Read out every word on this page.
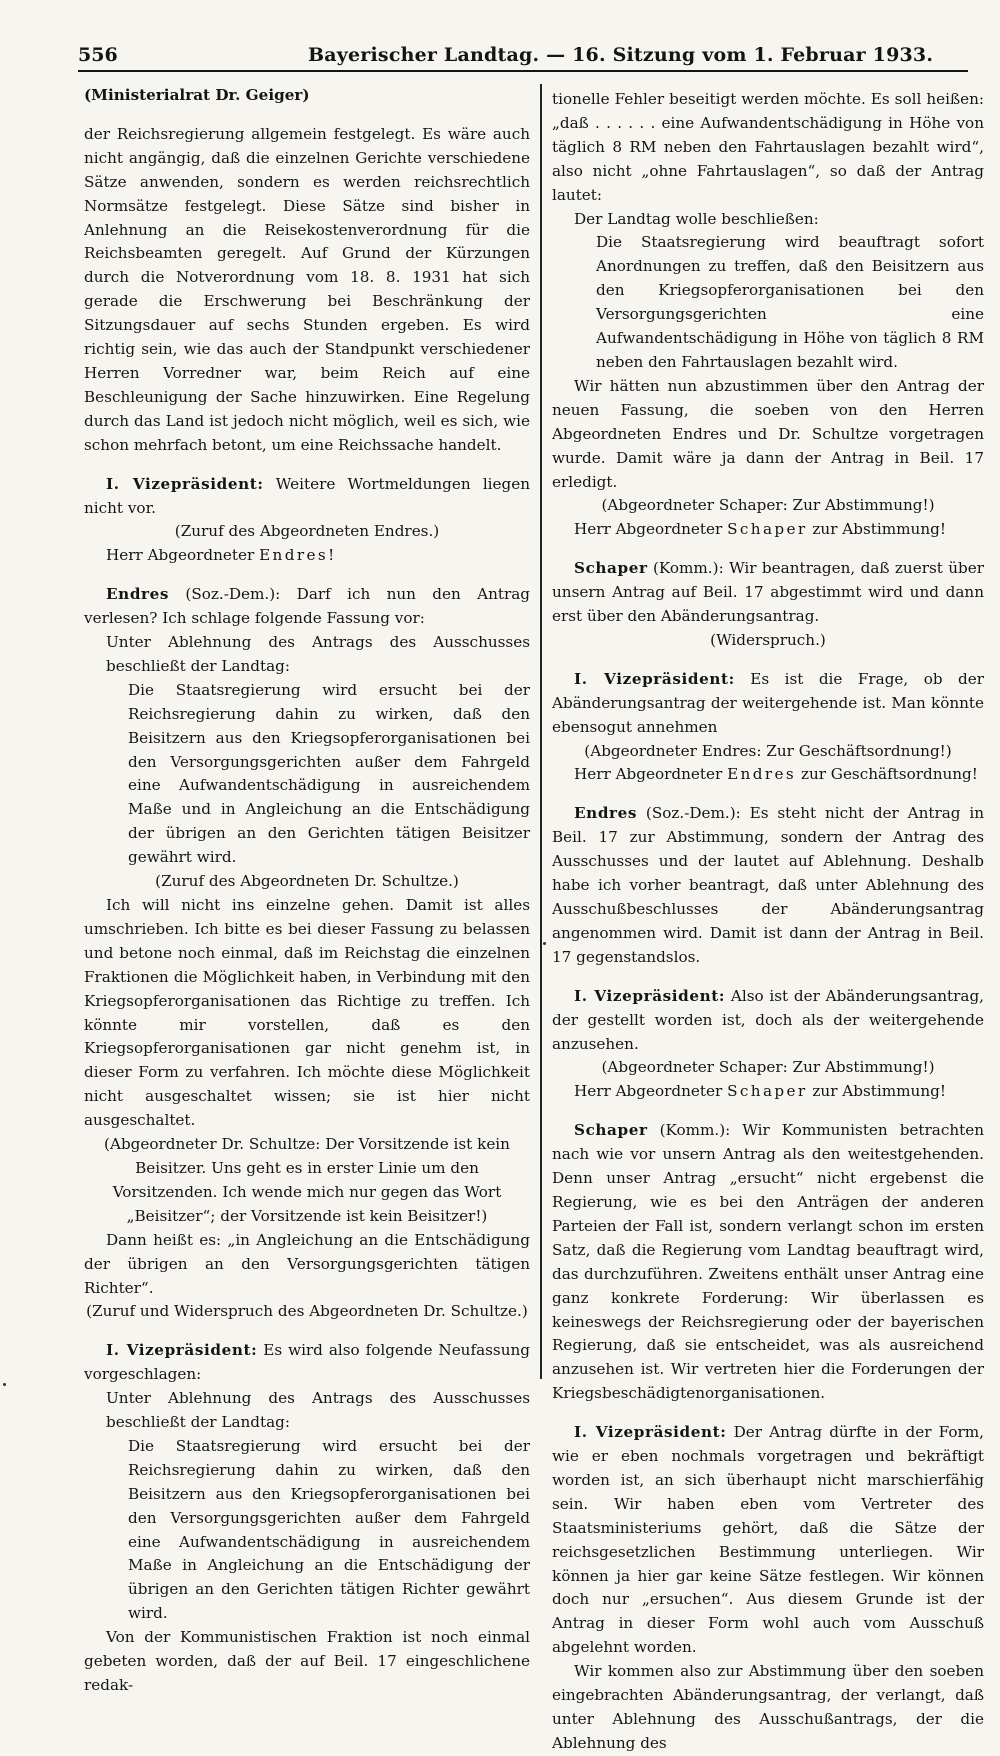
556	Bayerischer Landtag. — 16. Sitzung vom 1. Februar 1933.

(Ministerialrat Dr. Geiger)

der Reichsregierung allgemein festgelegt. Es wäre auch nicht angängig, daß die einzelnen Gerichte verschiedene Sätze anwenden, sondern es werden reichsrechtlich Normsätze festgelegt. Diese Sätze sind bisher in Anlehnung an die Reisekostenverordnung für die Reichsbeamten geregelt. Auf Grund der Kürzungen durch die Notverordnung vom 18. 8. 1931 hat sich gerade die Erschwerung bei Beschränkung der Sitzungsdauer auf sechs Stunden ergeben. Es wird richtig sein, wie das auch der Standpunkt verschiedener Herren Vorredner war, beim Reich auf eine Beschleunigung der Sache hinzuwirken. Eine Regelung durch das Land ist jedoch nicht möglich, weil es sich, wie schon mehrfach betont, um eine Reichssache handelt.

I. Vizepräsident: Weitere Wortmeldungen liegen nicht vor.

(Zuruf des Abgeordneten Endres.)

Herr Abgeordneter Endres!

Endres (Soz.-Dem.): Darf ich nun den Antrag verlesen? Ich schlage folgende Fassung vor:

Unter Ablehnung des Antrags des Ausschusses beschließt der Landtag:

Die Staatsregierung wird ersucht bei der Reichsregierung dahin zu wirken, daß den Beisitzern aus den Kriegsopferorganisationen bei den Versorgungsgerichten außer dem Fahrgeld eine Aufwandentschädigung in ausreichendem Maße und in Angleichung an die Entschädigung der übrigen an den Gerichten tätigen Beisitzer gewährt wird.

(Zuruf des Abgeordneten Dr. Schultze.)

Ich will nicht ins einzelne gehen. Damit ist alles umschrieben. Ich bitte es bei dieser Fassung zu belassen und betone noch einmal, daß im Reichstag die einzelnen Fraktionen die Möglichkeit haben, in Verbindung mit den Kriegsopferorganisationen das Richtige zu treffen. Ich könnte mir vorstellen, daß es den Kriegsopferorganisationen gar nicht genehm ist, in dieser Form zu verfahren. Ich möchte diese Möglichkeit nicht ausgeschaltet wissen; sie ist hier nicht ausgeschaltet.

(Abgeordneter Dr. Schultze: Der Vorsitzende ist kein Beisitzer. Uns geht es in erster Linie um den Vorsitzenden. Ich wende mich nur gegen das Wort „Beisitzer“; der Vorsitzende ist kein Beisitzer!)

Dann heißt es: „in Angleichung an die Entschädigung der übrigen an den Versorgungsgerichten tätigen Richter“.

(Zuruf und Widerspruch des Abgeordneten Dr. Schultze.)

I. Vizepräsident: Es wird also folgende Neufassung vorgeschlagen:

Unter Ablehnung des Antrags des Ausschusses beschließt der Landtag:

Die Staatsregierung wird ersucht bei der Reichsregierung dahin zu wirken, daß den Beisitzern aus den Kriegsopferorganisationen bei den Versorgungsgerichten außer dem Fahrgeld eine Aufwandentschädigung in ausreichendem Maße in Angleichung an die Entschädigung der übrigen an den Gerichten tätigen Richter gewährt wird.

Von der Kommunistischen Fraktion ist noch einmal gebeten worden, daß der auf Beil. 17 eingeschlichene redak-

tionelle Fehler beseitigt werden möchte. Es soll heißen: „daß . . . . . . eine Aufwandentschädigung in Höhe von täglich 8 RM neben den Fahrtauslagen bezahlt wird“, also nicht „ohne Fahrtauslagen“, so daß der Antrag lautet:

Der Landtag wolle beschließen:

Die Staatsregierung wird beauftragt sofort Anordnungen zu treffen, daß den Beisitzern aus den Kriegsopferorganisationen bei den Versorgungsgerichten eine Aufwandentschädigung in Höhe von täglich 8 RM neben den Fahrtauslagen bezahlt wird.

Wir hätten nun abzustimmen über den Antrag der neuen Fassung, die soeben von den Herren Abgeordneten Endres und Dr. Schultze vorgetragen wurde. Damit wäre ja dann der Antrag in Beil. 17 erledigt.

(Abgeordneter Schaper: Zur Abstimmung!)

Herr Abgeordneter Schaper zur Abstimmung!

Schaper (Komm.): Wir beantragen, daß zuerst über unsern Antrag auf Beil. 17 abgestimmt wird und dann erst über den Abänderungsantrag.

(Widerspruch.)

I. Vizepräsident: Es ist die Frage, ob der Abänderungsantrag der weitergehende ist. Man könnte ebensogut annehmen

(Abgeordneter Endres: Zur Geschäftsordnung!)

Herr Abgeordneter Endres zur Geschäftsordnung!

Endres (Soz.-Dem.): Es steht nicht der Antrag in Beil. 17 zur Abstimmung, sondern der Antrag des Ausschusses und der lautet auf Ablehnung. Deshalb habe ich vorher beantragt, daß unter Ablehnung des Ausschußbeschlusses der Abänderungsantrag angenommen wird. Damit ist dann der Antrag in Beil. 17 gegenstandslos.

I. Vizepräsident: Also ist der Abänderungsantrag, der gestellt worden ist, doch als der weitergehende anzusehen.

(Abgeordneter Schaper: Zur Abstimmung!)

Herr Abgeordneter Schaper zur Abstimmung!

Schaper (Komm.): Wir Kommunisten betrachten nach wie vor unsern Antrag als den weitestgehenden. Denn unser Antrag „ersucht“ nicht ergebenst die Regierung, wie es bei den Anträgen der anderen Parteien der Fall ist, sondern verlangt schon im ersten Satz, daß die Regierung vom Landtag beauftragt wird, das durchzuführen. Zweitens enthält unser Antrag eine ganz konkrete Forderung: Wir überlassen es keineswegs der Reichsregierung oder der bayerischen Regierung, daß sie entscheidet, was als ausreichend anzusehen ist. Wir vertreten hier die Forderungen der Kriegsbeschädigtenorganisationen.

I. Vizepräsident: Der Antrag dürfte in der Form, wie er eben nochmals vorgetragen und bekräftigt worden ist, an sich überhaupt nicht marschierfähig sein. Wir haben eben vom Vertreter des Staatsministeriums gehört, daß die Sätze der reichsgesetzlichen Bestimmung unterliegen. Wir können ja hier gar keine Sätze festlegen. Wir können doch nur „ersuchen“. Aus diesem Grunde ist der Antrag in dieser Form wohl auch vom Ausschuß abgelehnt worden.

Wir kommen also zur Abstimmung über den soeben eingebrachten Abänderungsantrag, der verlangt, daß unter Ablehnung des Ausschußantrags, der die Ablehnung des
